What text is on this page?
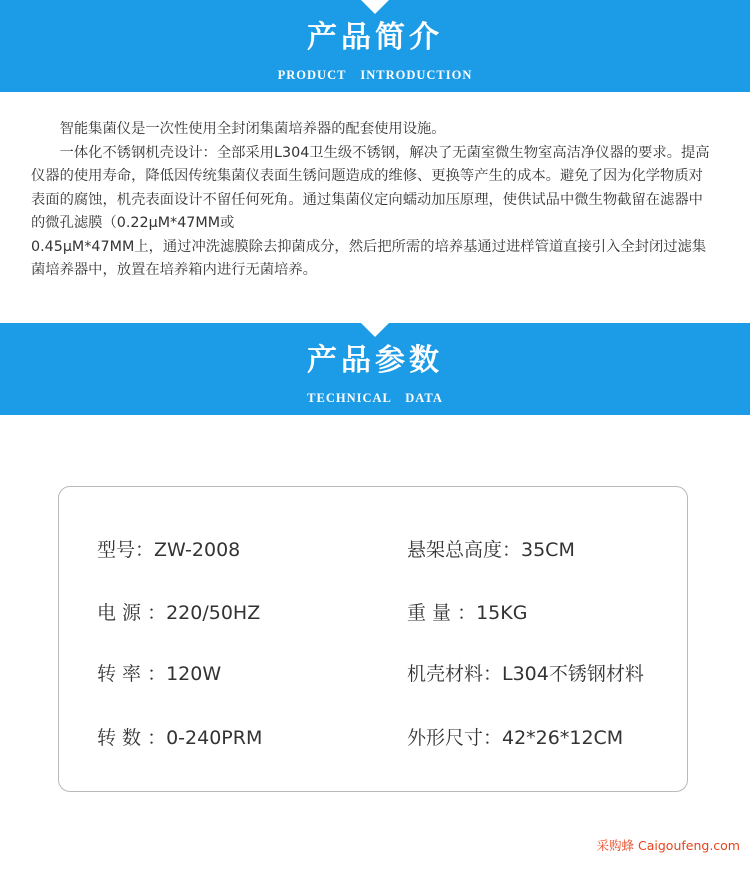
产品简介
PRODUCT INTRODUCTION

智能集菌仪是一次性使用全封闭集菌培养器的配套使用设施。

一体化不锈钢机壳设计：全部采用L304卫生级不锈钢，解决了无菌室微生物室高洁净仪器的要求。提高仪器的使用寿命，降低因传统集菌仪表面生锈问题造成的维修、更换等产生的成本。避免了因为化学物质对表面的腐蚀，机壳表面设计不留任何死角。通过集菌仪定向蠕动加压原理，使供试品中微生物截留在滤器中的微孔滤膜（0.22μM*47MM或

0.45μM*47MM上，通过冲洗滤膜除去抑菌成分，然后把所需的培养基通过进样管道直接引入全封闭过滤集菌培养器中，放置在培养箱内进行无菌培养。

产品参数
TECHNICAL DATA
型号：ZW-2008	悬架总高度：35CM
电 源 ：220/50HZ	重 量 ：15KG
转 率 ：120W	机壳材料：L304不锈钢材料
转 数 ：0-240PRM	外形尺寸：42*26*12CM
采购蜂 Caigoufeng.com
